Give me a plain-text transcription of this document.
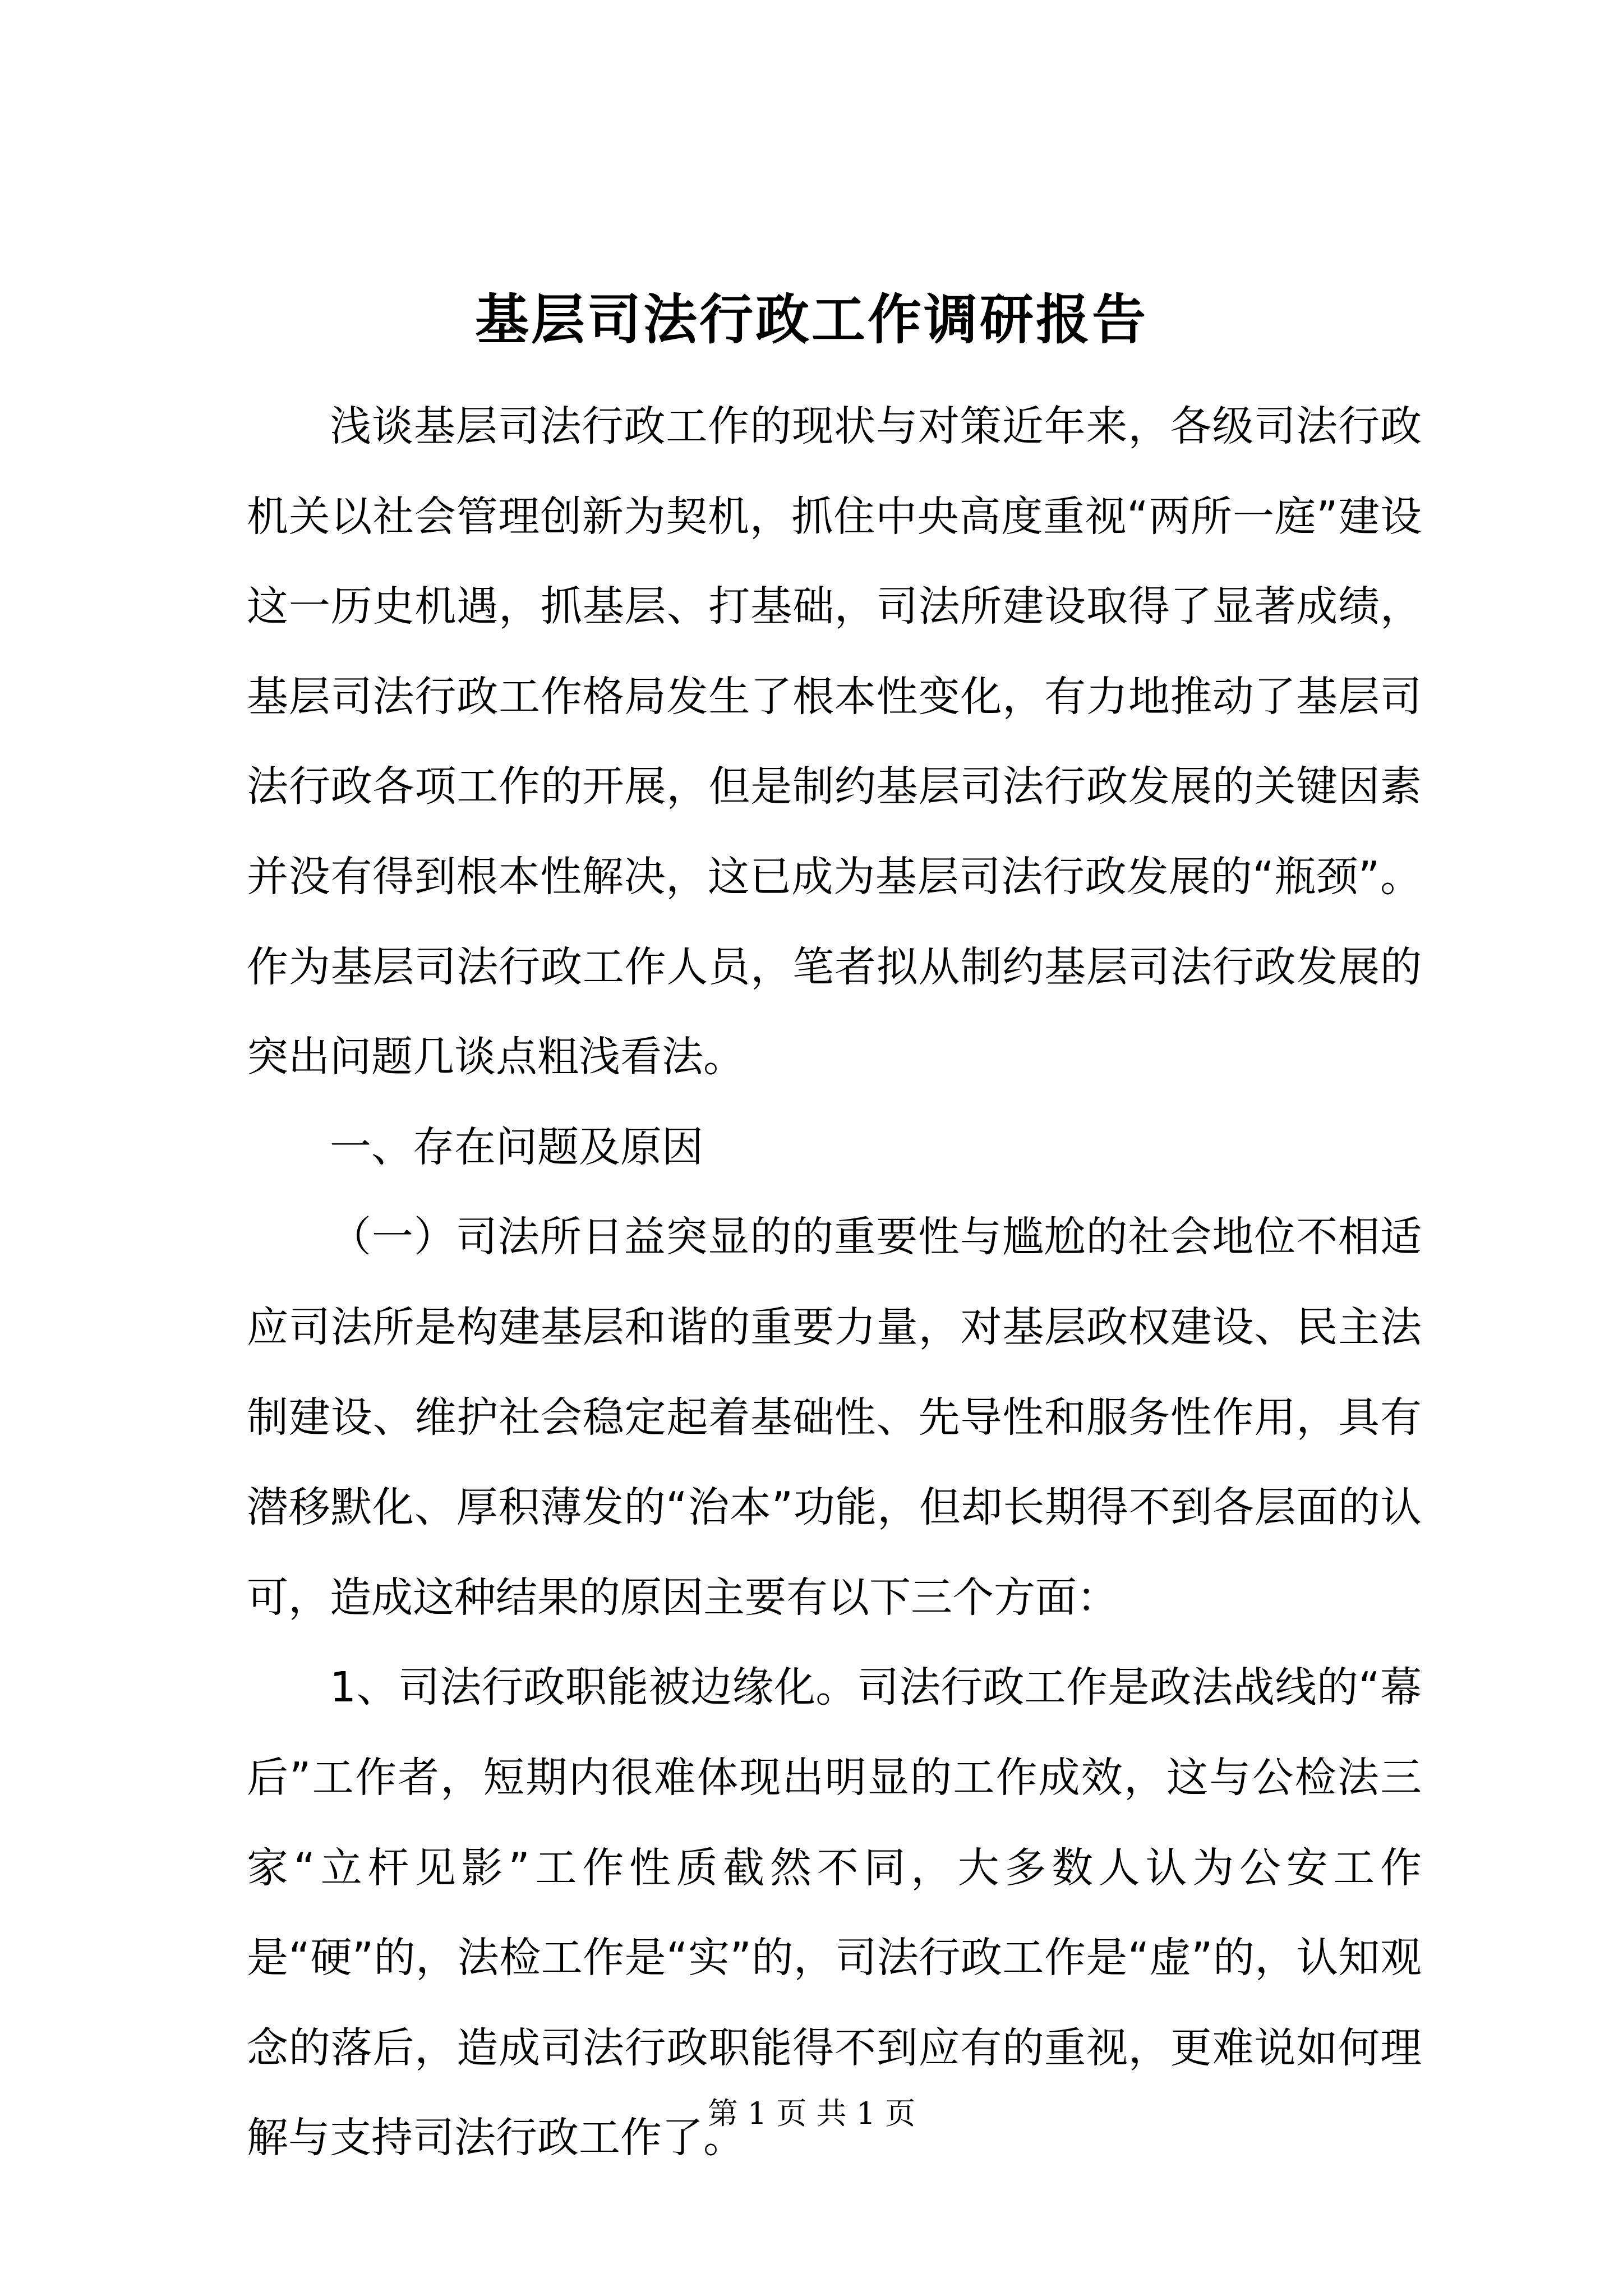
基层司法行政工作调研报告

浅谈基层司法行政工作的现状与对策近年来，各级司法行政机关以社会管理创新为契机，抓住中央高度重视“两所一庭”建设这一历史机遇，抓基层、打基础，司法所建设取得了显著成绩，基层司法行政工作格局发生了根本性变化，有力地推动了基层司法行政各项工作的开展，但是制约基层司法行政发展的关键因素并没有得到根本性解决，这已成为基层司法行政发展的“瓶颈”。作为基层司法行政工作人员，笔者拟从制约基层司法行政发展的突出问题几谈点粗浅看法。

一、存在问题及原因

（一）司法所日益突显的的重要性与尴尬的社会地位不相适应司法所是构建基层和谐的重要力量，对基层政权建设、民主法制建设、维护社会稳定起着基础性、先导性和服务性作用，具有潜移默化、厚积薄发的“治本”功能，但却长期得不到各层面的认可，造成这种结果的原因主要有以下三个方面：

1、司法行政职能被边缘化。司法行政工作是政法战线的“幕后”工作者，短期内很难体现出明显的工作成效，这与公检法三家“立杆见影”工作性质截然不同，大多数人认为公安工作是“硬”的，法检工作是“实”的，司法行政工作是“虚”的，认知观念的落后，造成司法行政职能得不到应有的重视，更难说如何理解与支持司法行政工作了。

第 1 页 共 1 页
